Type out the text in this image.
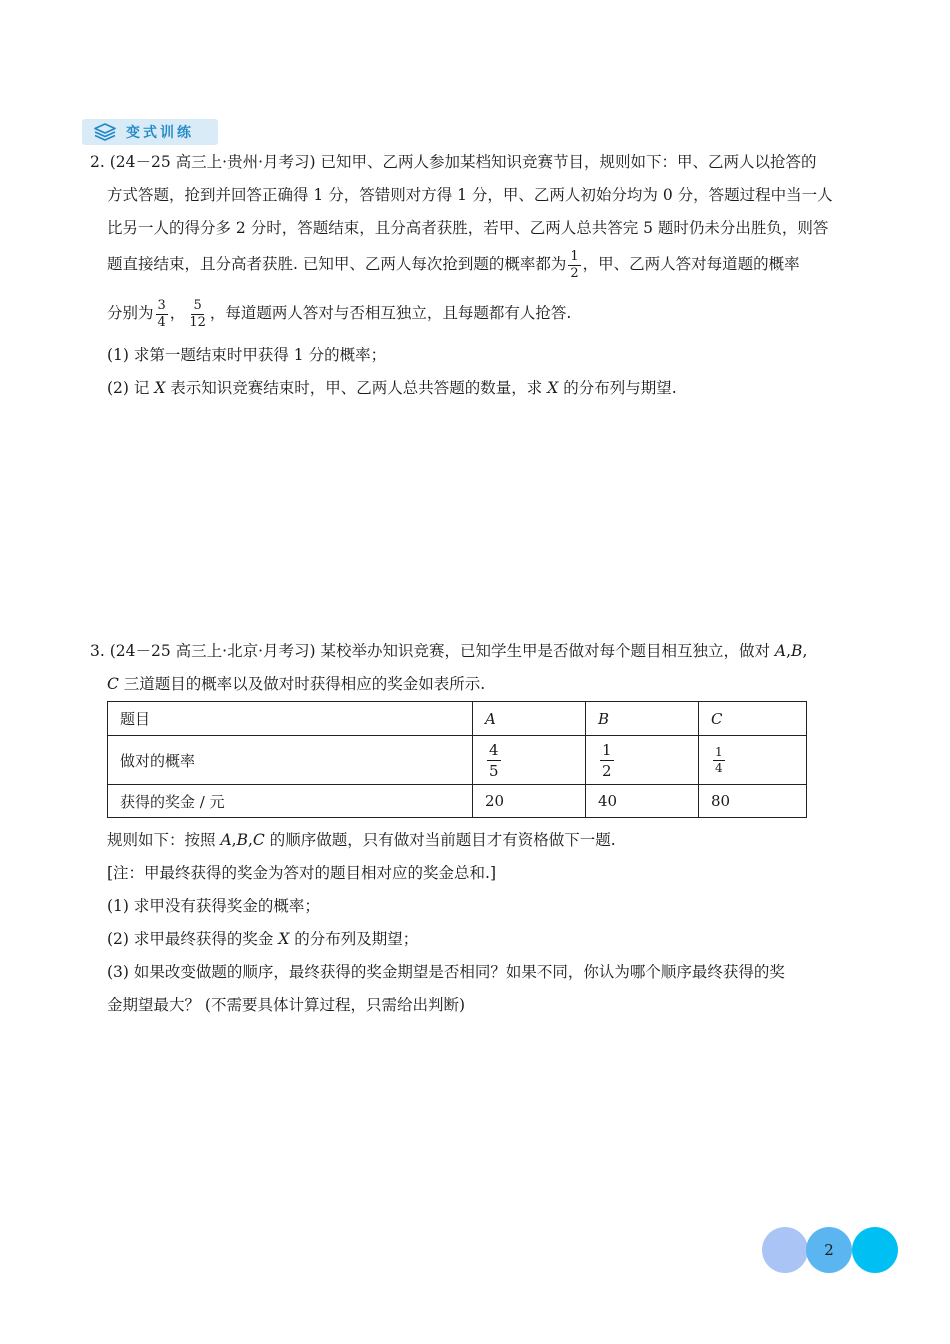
变式训练
2. (24－25 高三上·贵州·月考习) 已知甲、乙两人参加某档知识竞赛节目，规则如下：甲、乙两人以抢答的
方式答题，抢到并回答正确得 1 分，答错则对方得 1 分，甲、乙两人初始分均为 0 分，答题过程中当一人
比另一人的得分多 2 分时，答题结束，且分高者获胜，若甲、乙两人总共答完 5 题时仍未分出胜负，则答
题直接结束，且分高者获胜. 已知甲、乙两人每次抢到题的概率都为 $\frac{1}{2}$ ，甲、乙两人答对每道题的概率
分别为 $\frac{3}{4}$ ， $\frac{5}{12}$ ，每道题两人答对与否相互独立，且每题都有人抢答.
(1) 求第一题结束时甲获得 1 分的概率；
(2) 记 X 表示知识竞赛结束时，甲、乙两人总共答题的数量，求 X 的分布列与期望.
3. (24－25 高三上·北京·月考习) 某校举办知识竞赛，已知学生甲是否做对每个题目相互独立，做对 A,B,
C 三道题目的概率以及做对时获得相应的奖金如表所示.
题目	A	B	C
做对的概率	$\frac{4}{5}$	$\frac{1}{2}$	$\frac{1}{4}$

获得的奖金 / 元	20	40	80
规则如下：按照 A,B,C 的顺序做题，只有做对当前题目才有资格做下一题.
[注：甲最终获得的奖金为答对的题目相对应的奖金总和.]
(1) 求甲没有获得奖金的概率；
(2) 求甲最终获得的奖金 X 的分布列及期望；
(3) 如果改变做题的顺序，最终获得的奖金期望是否相同？如果不同，你认为哪个顺序最终获得的奖
金期望最大？ (不需要具体计算过程，只需给出判断)
2
